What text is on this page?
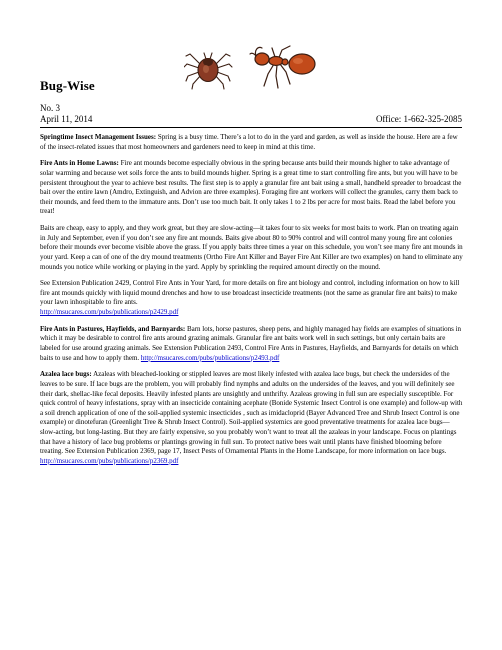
Bug-Wise
No. 3
April 11, 2014	Office: 1-662-325-2085

Springtime Insect Management Issues: Spring is a busy time. There’s a lot to do in the yard and garden, as well as inside the house. Here are a few of the insect-related issues that most homeowners and gardeners need to keep in mind at this time.

Fire Ants in Home Lawns: Fire ant mounds become especially obvious in the spring because ants build their mounds higher to take advantage of solar warming and because wet soils force the ants to build mounds higher. Spring is a great time to start controlling fire ants, but you will have to be persistent throughout the year to achieve best results. The first step is to apply a granular fire ant bait using a small, handheld spreader to broadcast the bait over the entire lawn (Amdro, Extinguish, and Advion are three examples). Foraging fire ant workers will collect the granules, carry them back to their mounds, and feed them to the immature ants. Don’t use too much bait. It only takes 1 to 2 lbs per acre for most baits. Read the label before you treat!

Baits are cheap, easy to apply, and they work great, but they are slow-acting—it takes four to six weeks for most baits to work. Plan on treating again in July and September, even if you don’t see any fire ant mounds. Baits give about 80 to 90% control and will control many young fire ant colonies before their mounds ever become visible above the grass. If you apply baits three times a year on this schedule, you won’t see many fire ant mounds in your yard. Keep a can of one of the dry mound treatments (Ortho Fire Ant Killer and Bayer Fire Ant Killer are two examples) on hand to eliminate any mounds you notice while working or playing in the yard. Apply by sprinkling the required amount directly on the mound.

See Extension Publication 2429, Control Fire Ants in Your Yard, for more details on fire ant biology and control, including information on how to kill fire ant mounds quickly with liquid mound drenches and how to use broadcast insecticide treatments (not the same as granular fire ant baits) to make your lawn inhospitable to fire ants.
http://msucares.com/pubs/publications/p2429.pdf

Fire Ants in Pastures, Hayfields, and Barnyards: Barn lots, horse pastures, sheep pens, and highly managed hay fields are examples of situations in which it may be desirable to control fire ants around grazing animals. Granular fire ant baits work well in such settings, but only certain baits are labeled for use around grazing animals. See Extension Publication 2493, Control Fire Ants in Pastures, Hayfields, and Barnyards for details on which baits to use and how to apply them. http://msucares.com/pubs/publications/p2493.pdf

Azalea lace bugs: Azaleas with bleached-looking or stippled leaves are most likely infested with azalea lace bugs, but check the undersides of the leaves to be sure. If lace bugs are the problem, you will probably find nymphs and adults on the undersides of the leaves, and you will definitely see their dark, shellac-like fecal deposits. Heavily infested plants are unsightly and unthrifty. Azaleas growing in full sun are especially susceptible. For quick control of heavy infestations, spray with an insecticide containing acephate (Bonide Systemic Insect Control is one example) and follow-up with a soil drench application of one of the soil-applied systemic insecticides , such as imidacloprid (Bayer Advanced Tree and Shrub Insect Control is one example) or dinotefuran (Greenlight Tree & Shrub Insect Control). Soil-applied systemics are good preventative treatments for azalea lace bugs—slow-acting, but long-lasting. But they are fairly expensive, so you probably won’t want to treat all the azaleas in your landscape. Focus on plantings that have a history of lace bug problems or plantings growing in full sun. To protect native bees wait until plants have finished blooming before treating. See Extension Publication 2369, page 17, Insect Pests of Ornamental Plants in the Home Landscape, for more information on lace bugs.
http://msucares.com/pubs/publications/p2369.pdf
